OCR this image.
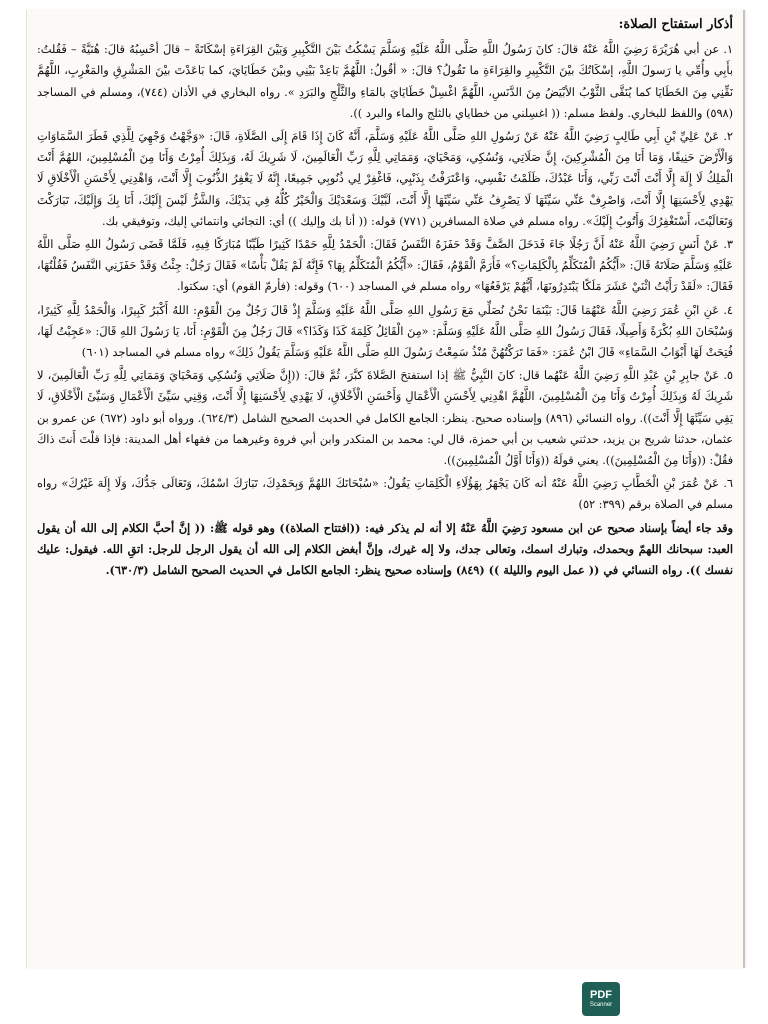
أذكار استفتاح الصلاة:

١. عن أبي هُرَيْرَةَ رَضِيَ اللَّهُ عَنْهُ قالَ: كانَ رَسُولُ اللَّهِ صَلَّى اللَّهُ عَلَيْهِ وَسَلَّمَ يَسْكُتُ بَيْنَ التَّكْبِيرِ وَبَيْنَ القِرَاءَةِ إسْكَاتَةً – قالَ أحْسِبُهُ قالَ: هُنَيَّةً – فَقُلتُ: بأَبِي وأُمِّي يا رَسولَ اللَّهِ، إسْكَاتُكَ بيْنَ التَّكْبِيرِ والقِرَاءَةِ ما تَقُولُ؟ قالَ: « أقُولُ: اللَّهُمَّ بَاعِدْ بَيْنِي وبيْنَ خَطَايَايَ، كما بَاعَدْتَ بيْنَ المَشْرِقِ والمَغْرِبِ، اللَّهُمَّ نَقِّنِي مِنَ الخَطَايَا كما يُنَقَّى الثَّوْبُ الأبْيَضُ مِنَ الدَّنَسِ، اللَّهُمَّ اغْسِلْ خَطَايَايَ بالمَاءِ والثَّلْجِ والبَرَدِ ». رواه البخاري في الأذان (٧٤٤)، ومسلم في المساجد (٥٩٨) واللفظ للبخاري. ولفظ مسلم: (( اغسِلني من خطاياي بالثلج والماء والبرد )).

٢. عَنْ عَلِيِّ بْنِ أَبِي طَالِبٍ رَضِيَ اللَّهُ عَنْهُ عَنْ رَسُولِ اللهِ صَلَّى اللَّهُ عَلَيْهِ وَسَلَّمَ، أَنَّهُ كَانَ إِذَا قَامَ إِلَى الصَّلَاةِ، قَالَ: «وَجَّهْتُ وَجْهِيَ لِلَّذِي فَطَرَ السَّمَاوَاتِ وَالْأَرْضَ حَنِيفًا، وَمَا أَنَا مِنَ الْمُشْرِكِينَ، إِنَّ صَلَاتِي، وَنُسُكِي، وَمَحْيَايَ، وَمَمَاتِي لِلَّهِ رَبِّ الْعَالَمِينَ، لَا شَرِيكَ لَهُ، وَبِذَلِكَ أُمِرْتُ وَأَنَا مِنَ الْمُسْلِمِينَ، اللهُمَّ أَنْتَ الْمَلِكُ لَا إِلَهَ إِلَّا أَنْتَ أَنْتَ رَبِّي، وَأَنَا عَبْدُكَ، ظَلَمْتُ نَفْسِي، وَاعْتَرَفْتُ بِذَنْبِي، فَاغْفِرْ لِي ذُنُوبِي جَمِيعًا، إِنَّهُ لَا يَغْفِرُ الذُّنُوبَ إِلَّا أَنْتَ، وَاهْدِنِي لِأَحْسَنِ الْأَخْلَاقِ لَا يَهْدِي لِأَحْسَنِهَا إِلَّا أَنْتَ، وَاصْرِفْ عَنِّي سَيِّئَهَا لَا يَصْرِفُ عَنِّي سَيِّئَهَا إِلَّا أَنْتَ، لَبَّيْكَ وَسَعْدَيْكَ وَالْخَيْرُ كُلُّهُ فِي يَدَيْكَ، وَالشَّرُّ لَيْسَ إِلَيْكَ، أَنَا بِكَ وَإِلَيْكَ، تَبَارَكْتَ وَتَعَالَيْتَ، أَسْتَغْفِرُكَ وَأَتُوبُ إِلَيْكَ». رواه مسلم في صلاة المسافرين (٧٧١) قوله: (( أنا بك وإليك )) أي: التجائي وانتمائي إليك، وتوفيقي بك.

٣. عَنْ أَنَسٍ رَضِيَ اللَّهُ عَنْهُ أَنَّ رَجُلًا جَاءَ فَدَخَلَ الصَّفَّ وَقَدْ حَفَزَهُ النَّفَسُ فَقَالَ: الْحَمْدُ لِلَّهِ حَمْدًا كَثِيرًا طَيِّبًا مُبَارَكًا فِيهِ، فَلَمَّا قَضَى رَسُولُ اللهِ صَلَّى اللَّهُ عَلَيْهِ وَسَلَّمَ صَلَاتَهُ قَالَ: «أَيُّكُمُ الْمُتَكَلِّمُ بِالْكَلِمَاتِ؟» فَأَرَمَّ الْقَوْمُ، فَقَالَ: «أَيُّكُمُ الْمُتَكَلِّمُ بِهَا؟ فَإِنَّهُ لَمْ يَقُلْ بَأْسًا» فَقَالَ رَجُلٌ: جِئْتُ وَقَدْ حَفَزَنِي النَّفَسُ فَقُلْتُهَا، فَقَالَ: «لَقَدْ رَأَيْتُ اثْنَيْ عَشَرَ مَلَكًا يَبْتَدِرُونَهَا، أَيُّهُمْ يَرْفَعُهَا» رواه مسلم في المساجد (٦٠٠) وقوله: (فأرمّ القوم) أي: سكتوا.

٤. عَنِ ابْنِ عُمَرَ رَضِيَ اللَّهُ عَنْهُمَا قَالَ: بَيْنَمَا نَحْنُ نُصَلِّي مَعَ رَسُولِ اللهِ صَلَّى اللَّهُ عَلَيْهِ وَسَلَّمَ إِذْ قَالَ رَجُلٌ مِنَ الْقَوْمِ: اللهُ أَكْبَرُ كَبِيرًا، وَالْحَمْدُ لِلَّهِ كَثِيرًا، وَسُبْحَانَ اللهِ بُكْرَةً وَأَصِيلًا، فَقَالَ رَسُولُ اللهِ صَلَّى اللَّهُ عَلَيْهِ وَسَلَّمَ: «مِنَ الْقَائِلُ كَلِمَةَ كَذَا وَكَذَا؟» قَالَ رَجُلٌ مِنَ الْقَوْمِ: أَنَا، يَا رَسُولَ اللهِ قَالَ: «عَجِبْتُ لَهَا، فُتِحَتْ لَهَا أَبْوَابُ السَّمَاءِ» قَالَ ابْنُ عُمَرَ: «فَمَا تَرَكْتُهُنَّ مُنْذُ سَمِعْتُ رَسُولَ اللهِ صَلَّى اللَّهُ عَلَيْهِ وَسَلَّمَ يَقُولُ ذَلِكَ» رواه مسلم في المساجد (٦٠١)

٥. عَنْ جابِرِ بْنِ عَبْدِ اللَّهِ رَضِيَ اللَّهُ عَنْهُما قال: كانَ النَّبِيُّ ﷺ إذا استفتحَ الصَّلاةَ كبَّرَ، ثُمَّ قالَ: ((إِنَّ صَلَاتِي وَنُسُكِي وَمَحْيَايَ وَمَمَاتِي لِلَّهِ رَبِّ الْعَالَمِينَ، لا شَرِيكَ لَهُ وَبِذَلِكَ أُمِرْتُ وَأَنَا مِنَ الْمُسْلِمِينَ، اللَّهُمَّ اهْدِنِي لِأَحْسَنِ الْأَعْمَالِ وَأَحْسَنِ الْأَخْلَاقِ، لَا يَهْدِي لِأَحْسَنِهَا إِلَّا أَنْتَ، وَقِنِي سَيِّئَ الْأَعْمَالِ وَسَيِّئَ الْأَخْلَاقِ، لَا يَقِي سَيِّئَهَا إِلَّا أَنْتَ)). رواه النسائي (٨٩٦) وإسناده صحيح. ينظر: الجامع الكامل في الحديث الصحيح الشامل (٦٢٤/٣). ورواه أبو داود (٦٧٢) عن عمرو بن عثمان، حدثنا شريح بن يزيد، حدثني شعيب بن أبي حمزة، قال لي: محمد بن المنكدر وابن أبي فروة وغيرهما من فقهاء أهل المدينة: فإذا قلْتَ أَنتَ ذاكَ فقُلْ: ((وَأَنَا مِنَ الْمُسْلِمِينَ)). يعني قولَهُ ((وَأَنَا أَوَّلُ الْمُسْلِمِينَ)).

٦. عَنْ عُمَرَ بْنِ الْخَطَّابِ رَضِيَ اللَّهُ عَنْهُ أنه كَانَ يَجْهَرُ بِهَؤُلَاءِ الْكَلِمَاتِ يَقُولُ: «سُبْحَانَكَ اللهُمَّ وَبِحَمْدِكَ، تَبَارَكَ اسْمُكَ، وَتَعَالَى جَدُّكَ، وَلَا إِلَهَ غَيْرُكَ» رواه مسلم في الصلاة برقم (٣٩٩: ٥٢)

وقد جاء أيضاً بإسناد صحيح عن ابن مسعود رَضِيَ اللَّهُ عَنْهُ إلا أنه لم يذكر فيه: ((افتتاح الصلاة)) وهو قوله ﷺ: (( إنَّ أحبَّ الكلام إلى الله أن يقول العبد: سبحانك اللهمّ وبحمدك، وتبارك اسمك، وتعالى جدك، ولا إله غيرك، وإنَّ أبغض الكلام إلى الله أن يقول الرجل للرجل: اتقِ الله. فيقول: عليك نفسك )). رواه النسائي في (( عمل اليوم والليلة )) (٨٤٩) وإسناده صحيح ينظر: الجامع الكامل في الحديث الصحيح الشامل (٦٣٠/٣).

PDF
Scanner
